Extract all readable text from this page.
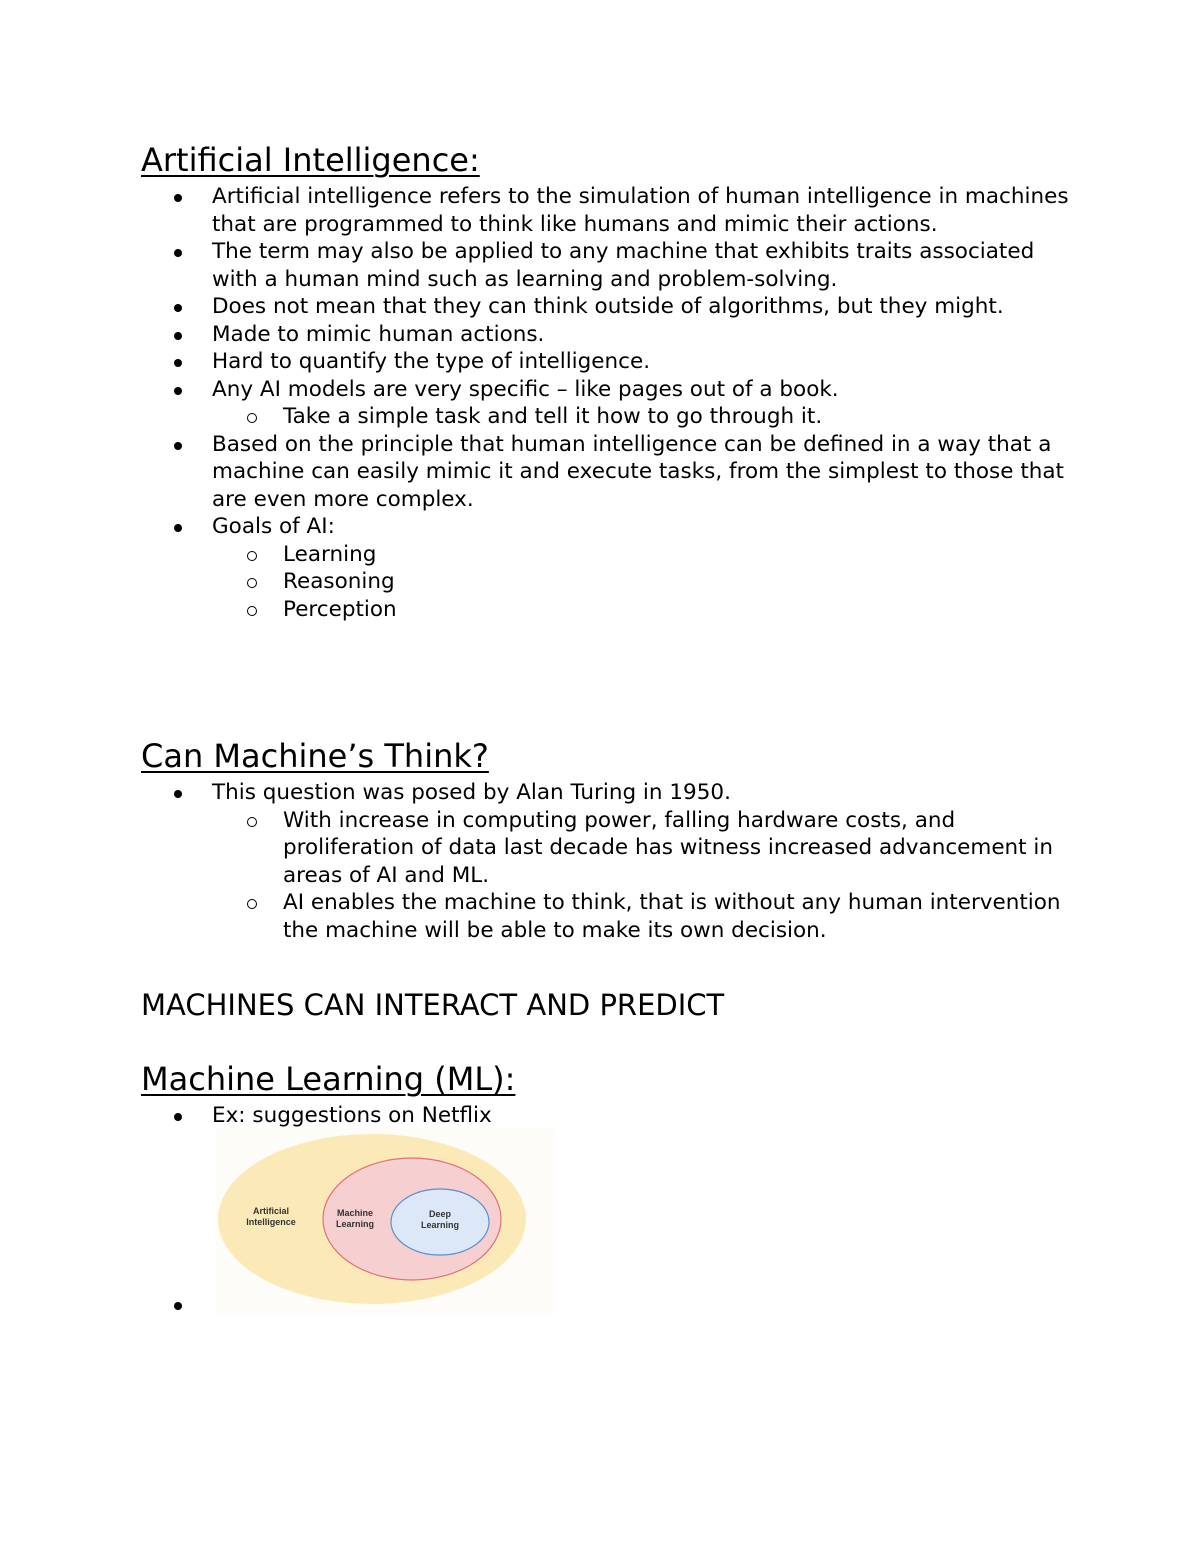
Artificial Intelligence:
Artificial intelligence refers to the simulation of human intelligence in machines that are programmed to think like humans and mimic their actions.
The term may also be applied to any machine that exhibits traits associated with a human mind such as learning and problem-solving.
Does not mean that they can think outside of algorithms, but they might.
Made to mimic human actions.
Hard to quantify the type of intelligence.
Any AI models are very specific – like pages out of a book.
Take a simple task and tell it how to go through it.
Based on the principle that human intelligence can be defined in a way that a machine can easily mimic it and execute tasks, from the simplest to those that are even more complex.
Goals of AI:
Learning
Reasoning
Perception
Can Machine’s Think?
This question was posed by Alan Turing in 1950.
With increase in computing power, falling hardware costs, and proliferation of data last decade has witness increased advancement in areas of AI and ML.
AI enables the machine to think, that is without any human intervention the machine will be able to make its own decision.
MACHINES CAN INTERACT AND PREDICT
Machine Learning (ML):
Ex: suggestions on Netflix
Artificial
Intelligence
Machine
Learning
Deep
Learning
